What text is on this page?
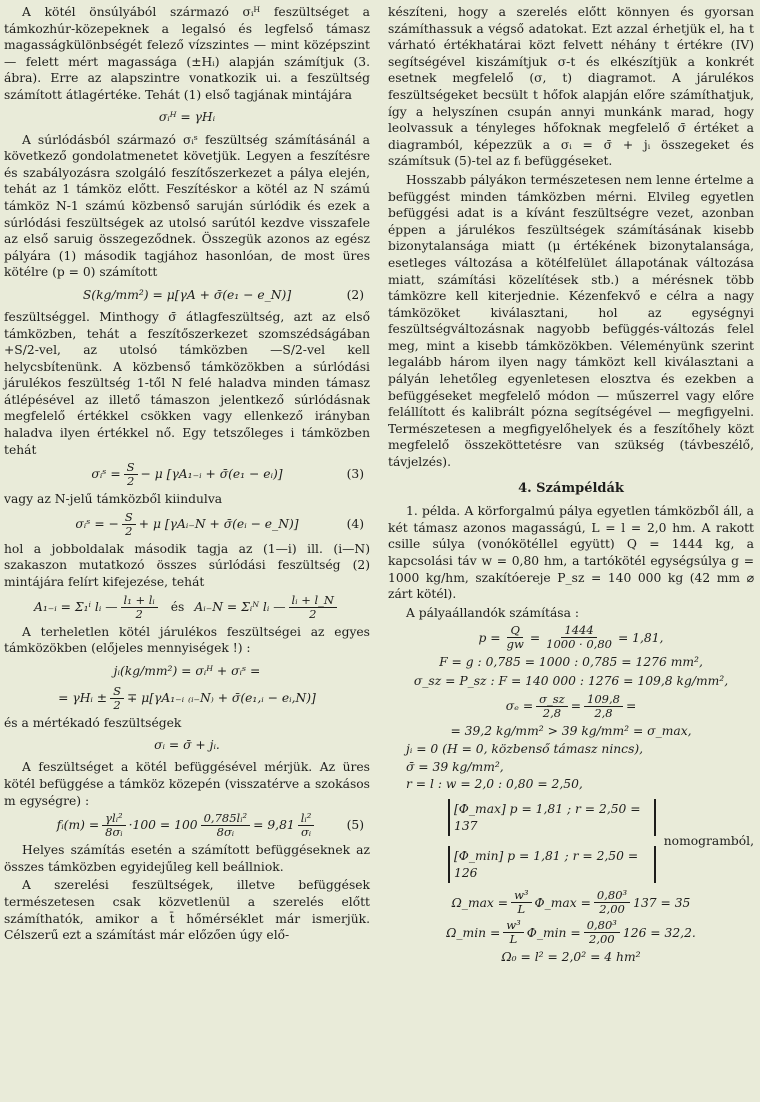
A kötél önsúlyából származó σᵢᴴ feszültséget a támkozhúr-közepeknek a legalsó és legfelső támasz magasságkülönbségét felező vízszintes — mint középszint — felett mért magassága (±Hᵢ) alapján számítjuk (3. ábra). Erre az alapszintre vonatkozik ui. a feszültség számított átlagértéke. Tehát (1) első tagjának mintájára

σᵢᴴ = γHᵢ

A súrlódásból származó σᵢˢ feszültség számításánál a következő gondolatmenetet követjük. Legyen a feszítésre és szabályozásra szolgáló feszítőszerkezet a pálya elején, tehát az 1 támköz előtt. Feszítéskor a kötél az N számú támköz N-1 számú közbenső saruján súrlódik és ezek a súrlódási feszültségek az utolsó sarútól kezdve visszafele az első saruig összegeződnek. Összegük azonos az egész pályára (1) második tagjához hasonlóan, de most üres kötélre (p = 0) számított

S(kg/mm²) = μ[γA + σ̄(e₁ − e_N)]	(2)

feszültséggel. Minthogy σ̄ átlagfeszültség, azt az első támközben, tehát a feszítőszerkezet szomszédságában +S/2-vel, az utolsó támközben —S/2-vel kell helycsbítenünk. A közbenső támközökben a súrlódási járulékos feszültség 1-től N felé haladva minden támasz átlépésével az illető támaszon jelentkező súrlódásnak megfelelő értékkel csökken vagy ellenkező irányban haladva ilyen értékkel nő. Egy tetszőleges i támközben tehát

σᵢˢ = $\frac{S}{2} - \mu$ [γA₁₋ᵢ + σ̄(e₁ − eᵢ)]	(3)

vagy az N-jelű támközből kiindulva

σᵢˢ = − $\frac{S}{2} + \mu$ [γAᵢ₋N + σ̄(eᵢ − e_N)]	(4)

hol a jobboldalak második tagja az (1—i) ill. (i—N) szakaszon mutatkozó összes súrlódási feszültség (2) mintájára felírt kifejezése, tehát

A₁₋ᵢ = Σ₁ⁱ lᵢ — $\frac{\text{l₁ + lᵢ}}{2}$ és Aᵢ₋N = Σᵢᴺ lᵢ — $\frac{\text{lᵢ + l\_N}}{2}$

A terheletlen kötél járulékos feszültségei az egyes támközökben (előjeles mennyiségek !) :

jᵢ(kg/mm²) = σᵢᴴ + σᵢˢ =
= γHᵢ ± $\frac{S}{2}$ ∓ μ[γA₁₋ᵢ ₍ᵢ₋N₎ + σ̄(e₁,ᵢ − eᵢ,N)]

és a mértékadó feszültségek

σᵢ = σ̄ + jᵢ.

A feszültséget a kötél befüggésével mérjük. Az üres kötél befüggése a támköz közepén (visszatérve a szokásos m egységre) :

fᵢ(m) = $\frac{\text{γlᵢ²}}{\text{8σᵢ}} \cdot 100 = 100 \frac{\text{0,785lᵢ²}}{\text{8σᵢ}} = 9,81 \frac{\text{lᵢ²}}{\text{σᵢ}}$	(5)

Helyes számítás esetén a számított befüggéseknek az összes támközben egyidejűleg kell beállniok.

A szerelési feszültségek, illetve befüggések természetesen csak közvetlenül a szerelés előtt számíthatók, amikor a t̄ hőmérséklet már ismerjük. Célszerű ezt a számítást már előzően úgy elő-

készíteni, hogy a szerelés előtt könnyen és gyorsan számíthassuk a végső adatokat. Ezt azzal érhetjük el, ha t várható értékhatárai közt felvett néhány t értékre (IV) segítségével kiszámítjuk σ-t és elkészítjük a konkrét esetnek megfelelő (σ, t) diagramot. A járulékos feszültségeket becsült t hőfok alapján előre számíthatjuk, így a helyszínen csupán annyi munkánk marad, hogy leolvassuk a tényleges hőfoknak megfelelő σ̄ értéket a diagramból, képezzük a σᵢ = σ̄ + jᵢ összegeket és számítsuk (5)-tel az fᵢ befüggéseket.

Hosszabb pályákon természetesen nem lenne értelme a befüggést minden támközben mérni. Elvileg egyetlen befüggési adat is a kívánt feszültségre vezet, azonban éppen a járulékos feszültségek számításának kisebb bizonytalansága miatt (μ értékének bizonytalansága, esetleges változása a kötélfelület állapotának változása miatt, számítási közelítések stb.) a mérésnek több támközre kell kiterjednie. Kézenfekvő e célra a nagy támközöket kiválasztani, hol az egységnyi feszültségváltozásnak nagyobb befüggés-változás felel meg, mint a kisebb támközökben. Véleményünk szerint legalább három ilyen nagy támközt kell kiválasztani a pályán lehetőleg egyenletesen elosztva és ezekben a befüggéseket megfelelő módon — műszerrel vagy előre felállított és kalibrált pózna segítségével — megfigyelni. Természetesen a megfigyelőhelyek és a feszítőhely közt megfelelő összeköttetésre van szükség (távbeszélő, távjelzés).

4. Számpéldák

1. példa. A körforgalmú pálya egyetlen támközből áll, a két támasz azonos magasságú, L = l = 2,0 hm. A rakott csille súlya (vonókötéllel együtt) Q = 1444 kg, a kapcsolási táv w = 0,80 hm, a tartókötél egységsúlya g = 1000 kg/hm, szakítóereje P_sz = 140 000 kg (42 mm ⌀ zárt kötél).

A pályaállandók számítása :

$p = \frac{Q}{gw} = \frac{1444}{1000 \cdot 0,80} = 1,81$,
F = g : 0,785 = 1000 : 0,785 = 1276 mm²,
σ_sz = P_sz : F = 140 000 : 1276 = 109,8 kg/mm²,
$\sigma_e = \frac{\sigma\_sz}{2,8} = \frac{109,8}{2,8}$ =
= 39,2 kg/mm² > 39 kg/mm² = σ_max,
jᵢ = 0 (H = 0, közbenső támasz nincs),
σ̄ = 39 kg/mm²,
r = l : w = 2,0 : 0,80 = 2,50,
[Φ_max] p = 1,81 ; r = 2,50 = 137
[Φ_min] p = 1,81 ; r = 2,50 = 126
nomogramból,
Ω_max = $\frac{\text{w³}}{L}$ Φ_max = $\frac{\text{0,80³}}{2,00} 137 = 35$
Ω_min = $\frac{\text{w³}}{L}$ Φ_min = $\frac{\text{0,80³}}{2,00} 126 = 32,2$.
Ω₀ = l² = 2,0² = 4 hm²
